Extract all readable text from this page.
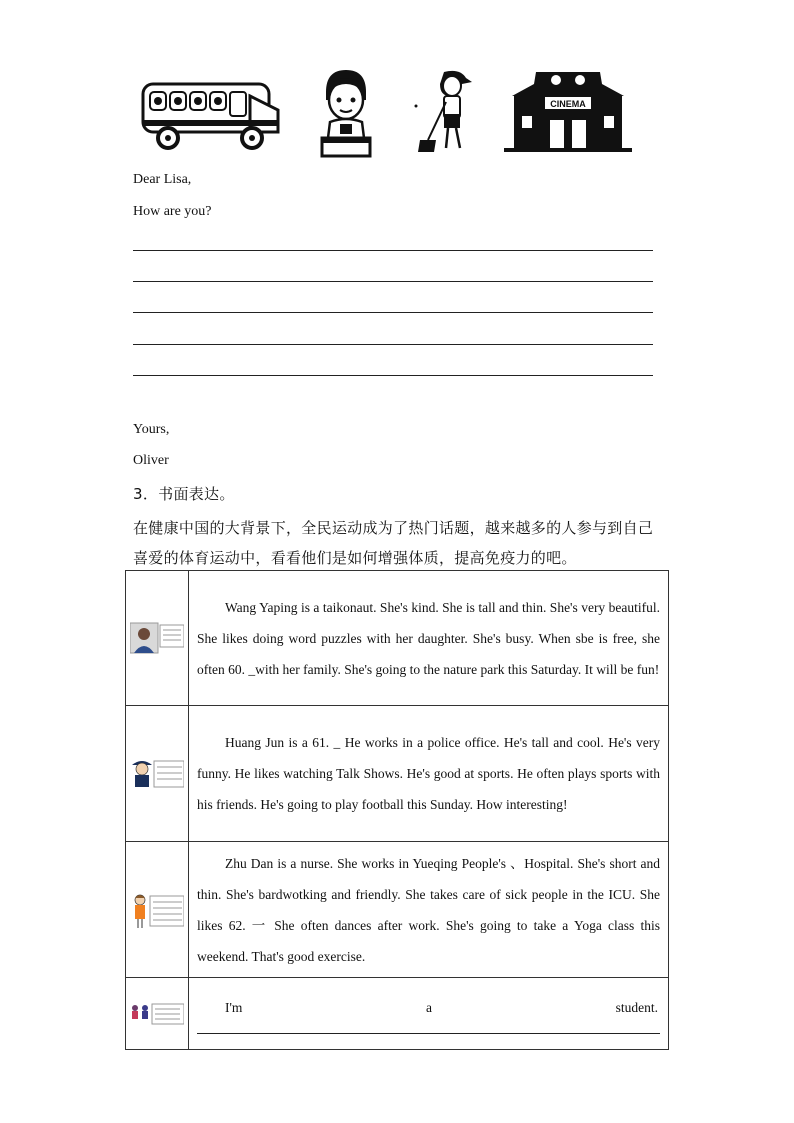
CINEMA
Dear Lisa,
How are you?
Yours,
Oliver
3．书面表达。
在健康中国的大背景下，全民运动成为了热门话题，越来越多的人参与到自己喜爱的体育运动中，看看他们是如何增强体质，提高免疫力的吧。

Wang Yaping is a taikonaut. She's kind. She is tall and thin. She's very beautiful. She likes doing word puzzles with her daughter. She's busy. When sbe is free, she often 60. _with her family. She's going to the nature park this Saturday. It will be fun!

Huang Jun is a 61. _ He works in a police office. He's tall and cool. He's very funny. He likes watching Talk Shows. He's good at sports. He often plays sports with his friends. He's going to play football this Sunday. How interesting!

Zhu Dan is a nurse. She works in Yueqing People's 、Hospital. She's short and thin. She's bardwotking and friendly. She takes care of sick people in the ICU. She likes 62. 一 She often dances after work. She's going to take a Yoga class this weekend. That's good exercise.

I'm a student.
